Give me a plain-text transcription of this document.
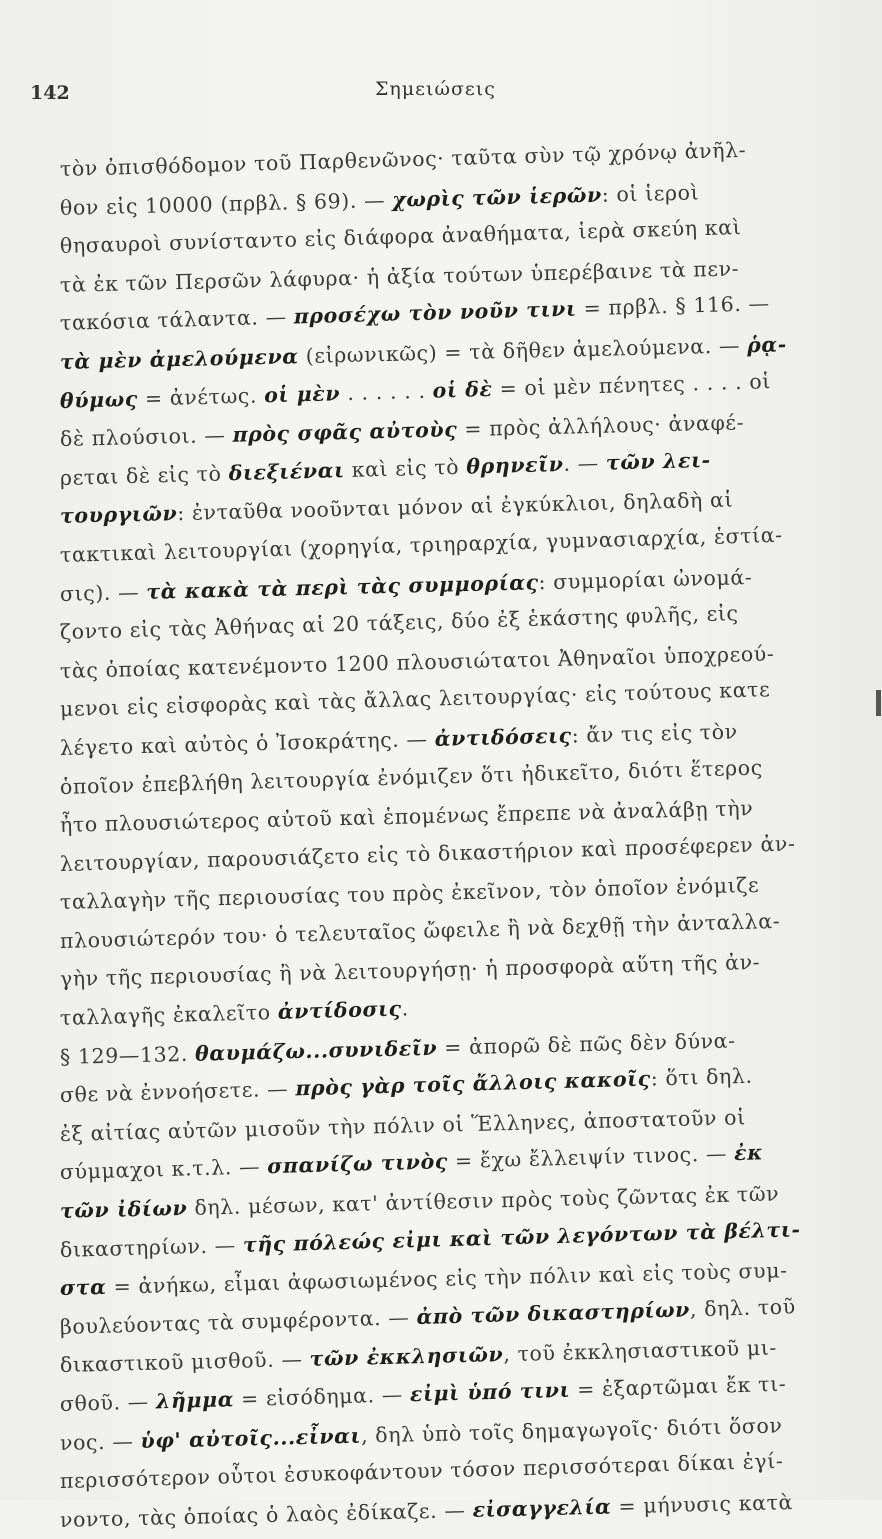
142	Σημειώσεις
τὸν ὀπισθόδομον τοῦ Παρθενῶνος· ταῦτα σὺν τῷ χρόνῳ ἀνῆλ-
θον εἰς 10000 (πρβλ. § 69). — χωρὶς τῶν ἱερῶν: οἱ ἱεροὶ
θησαυροὶ συνίσταντο εἰς διάφορα ἀναθήματα, ἱερὰ σκεύη καὶ
τὰ ἐκ τῶν Περσῶν λάφυρα· ἡ ἀξία τούτων ὑπερέβαινε τὰ πεν-
τακόσια τάλαντα. — προσέχω τὸν νοῦν τινι = πρβλ. § 116. —
τὰ μὲν ἀμελούμενα (εἰρωνικῶς) = τὰ δῆθεν ἀμελούμενα. — ῥᾳ-
θύμως = ἀνέτως. οἱ μὲν . . . . . . οἱ δὲ = οἱ μὲν πένητες . . . . οἱ
δὲ πλούσιοι. — πρὸς σφᾶς αὐτοὺς = πρὸς ἀλλήλους· ἀναφέ-
ρεται δὲ εἰς τὸ διεξιέναι καὶ εἰς τὸ θρηνεῖν. — τῶν λει-
τουργιῶν: ἐνταῦθα νοοῦνται μόνον αἱ ἐγκύκλιοι, δηλαδὴ αἱ
τακτικαὶ λειτουργίαι (χορηγία, τριηραρχία, γυμνασιαρχία, ἑστία-
σις). — τὰ κακὰ τὰ περὶ τὰς συμμορίας: συμμορίαι ὠνομά-
ζοντο εἰς τὰς Ἀθήνας αἱ 20 τάξεις, δύο ἐξ ἑκάστης φυλῆς, εἰς
τὰς ὁποίας κατενέμοντο 1200 πλουσιώτατοι Ἀθηναῖοι ὑποχρεού-
μενοι εἰς εἰσφορὰς καὶ τὰς ἄλλας λειτουργίας· εἰς τούτους κατε
λέγετο καὶ αὐτὸς ὁ Ἰσοκράτης. — ἀντιδόσεις: ἄν τις εἰς τὸν
ὁποῖον ἐπεβλήθη λειτουργία ἐνόμιζεν ὅτι ἠδικεῖτο, διότι ἕτερος
ἦτο πλουσιώτερος αὐτοῦ καὶ ἑπομένως ἔπρεπε νὰ ἀναλάβῃ τὴν
λειτουργίαν, παρουσιάζετο εἰς τὸ δικαστήριον καὶ προσέφερεν ἀν-
ταλλαγὴν τῆς περιουσίας του πρὸς ἐκεῖνον, τὸν ὁποῖον ἐνόμιζε
πλουσιώτερόν του· ὁ τελευταῖος ὤφειλε ἢ νὰ δεχθῇ τὴν ἀνταλλα-
γὴν τῆς περιουσίας ἢ νὰ λειτουργήσῃ· ἡ προσφορὰ αὕτη τῆς ἀν-
ταλλαγῆς ἐκαλεῖτο ἀντίδοσις.
§ 129—132. θαυμάζω...συνιδεῖν = ἀπορῶ δὲ πῶς δὲν δύνα-
σθε νὰ ἐννοήσετε. — πρὸς γὰρ τοῖς ἄλλοις κακοῖς: ὅτι δηλ.
ἐξ αἰτίας αὐτῶν μισοῦν τὴν πόλιν οἱ Ἕλληνες, ἀποστατοῦν οἱ
σύμμαχοι κ.τ.λ. — σπανίζω τινὸς = ἔχω ἔλλειψίν τινος. — ἐκ
τῶν ἰδίων δηλ. μέσων, κατ' ἀντίθεσιν πρὸς τοὺς ζῶντας ἐκ τῶν
δικαστηρίων. — τῆς πόλεώς εἰμι καὶ τῶν λεγόντων τὰ βέλτι-
στα = ἀνήκω, εἶμαι ἀφωσιωμένος εἰς τὴν πόλιν καὶ εἰς τοὺς συμ-
βουλεύοντας τὰ συμφέροντα. — ἀπὸ τῶν δικαστηρίων, δηλ. τοῦ
δικαστικοῦ μισθοῦ. — τῶν ἐκκλησιῶν, τοῦ ἐκκλησιαστικοῦ μι-
σθοῦ. — λῆμμα = εἰσόδημα. — εἰμὶ ὑπό τινι = ἐξαρτῶμαι ἔκ τι-
νος. — ὑφ' αὐτοῖς...εἶναι, δηλ ὑπὸ τοῖς δημαγωγοῖς· διότι ὅσον
περισσότερον οὗτοι ἐσυκοφάντουν τόσον περισσότεραι δίκαι ἐγί-
νοντο, τὰς ὁποίας ὁ λαὸς ἐδίκαζε. — εἰσαγγελία = μήνυσις κατὰ
